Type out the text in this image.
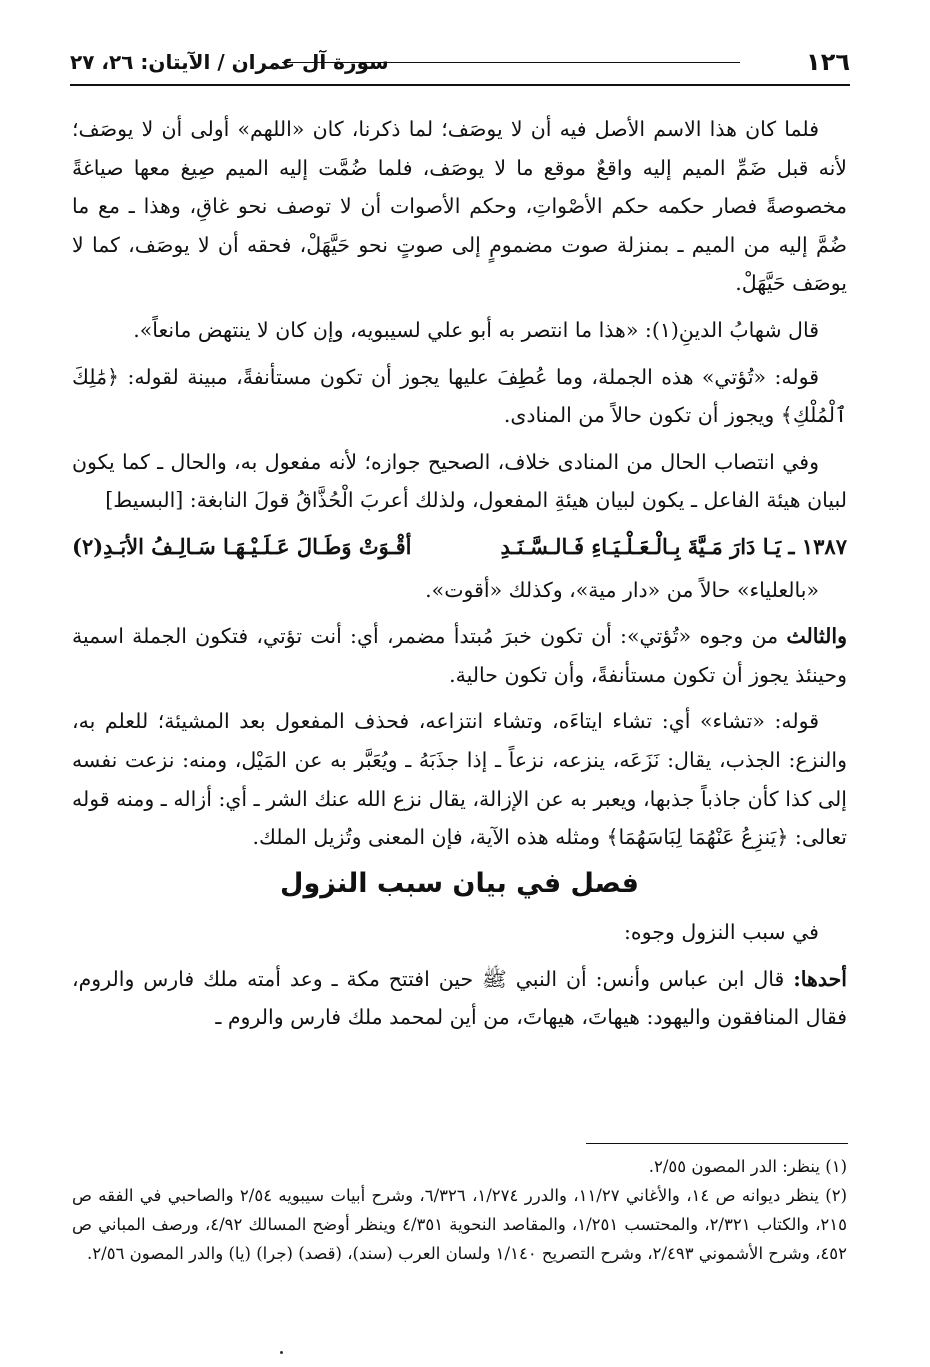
١٢٦
سورة آل عمران / الآيتان: ٢٦، ٢٧

فلما كان هذا الاسم الأصل فيه أن لا يوصَف؛ لما ذكرنا، كان «اللهم» أولى أن لا يوصَف؛ لأنه قبل ضَمِّ الميم إليه واقعٌ موقع ما لا يوصَف، فلما ضُمَّت إليه الميم صِيغ معها صياغةً مخصوصةً فصار حكمه حكم الأصْواتِ، وحكم الأصوات أن لا توصف نحو غاقِ، وهذا ـ مع ما ضُمَّ إليه من الميم ـ بمنزلة صوت مضمومٍ إلى صوتٍ نحو حَيَّهَلْ، فحقه أن لا يوصَف، كما لا يوصَف حَيَّهَلْ.

قال شهابُ الدينِ(١): «هذا ما انتصر به أبو علي لسيبويه، وإن كان لا ينتهض مانعاً».

قوله: «تُؤتي» هذه الجملة، وما عُطِفَ عليها يجوز أن تكون مستأنفةً، مبينة لقوله: ﴿مَٰلِكَ ٱلْمُلْكِ﴾ ويجوز أن تكون حالاً من المنادى.

وفي انتصاب الحال من المنادى خلاف، الصحيح جوازه؛ لأنه مفعول به، والحال ـ كما يكون لبيان هيئة الفاعل ـ يكون لبيان هيئةِ المفعول، ولذلك أعربَ الْحُذَّاقُ قولَ النابغة: [البسيط]

١٣٨٧ ـ يَـا دَارَ مَـيَّةَ بِـالْـعَـلْـيَـاءِ فَـالـسَّـنَـدِ
أقْـوَتْ وَطَـالَ عَـلَـيْـهَـا سَـالِـفُ الأبَـدِ(٢)

«بالعلياء» حالاً من «دار مية»، وكذلك «أقوت».

والثالث من وجوه «تُؤتي»: أن تكون خبرَ مُبتدأ مضمر، أي: أنت تؤتي، فتكون الجملة اسمية وحينئذ يجوز أن تكون مستأنفةً، وأن تكون حالية.

قوله: «تشاء» أي: تشاء ايتاءَه، وتشاء انتزاعه، فحذف المفعول بعد المشيئة؛ للعلم به، والنزع: الجذب، يقال: نَزَعَه، ينزعه، نزعاً ـ إذا جذَبَهُ ـ ويُعَبَّر به عن المَيْل، ومنه: نزعت نفسه إلى كذا كأن جاذباً جذبها، ويعبر به عن الإزالة، يقال نزع الله عنك الشر ـ أي: أزاله ـ ومنه قوله تعالى: ﴿يَنزِعُ عَنْهُمَا لِبَاسَهُمَا﴾ ومثله هذه الآية، فإن المعنى وتُزيل الملك.

فصل في بيان سبب النزول

في سبب النزول وجوه:

أحدها: قال ابن عباس وأنس: أن النبي ﷺ حين افتتح مكة ـ وعد أمته ملك فارس والروم، فقال المنافقون واليهود: هيهاتَ، هيهاتَ، من أين لمحمد ملك فارس والروم ـ

(١) ينظر: الدر المصون ٢/٥٥.

(٢) ينظر ديوانه ص ١٤، والأغاني ١١/٢٧، والدرر ١/٢٧٤، ٦/٣٢٦، وشرح أبيات سيبويه ٢/٥٤ والصاحبي في الفقه ص ٢١٥، والكتاب ٢/٣٢١، والمحتسب ١/٢٥١، والمقاصد النحوية ٤/٣٥١ وينظر أوضح المسالك ٤/٩٢، ورصف المباني ص ٤٥٢، وشرح الأشموني ٢/٤٩٣، وشرح التصريح ١/١٤٠ ولسان العرب (سند)، (قصد) (جرا) (يا) والدر المصون ٢/٥٦.
